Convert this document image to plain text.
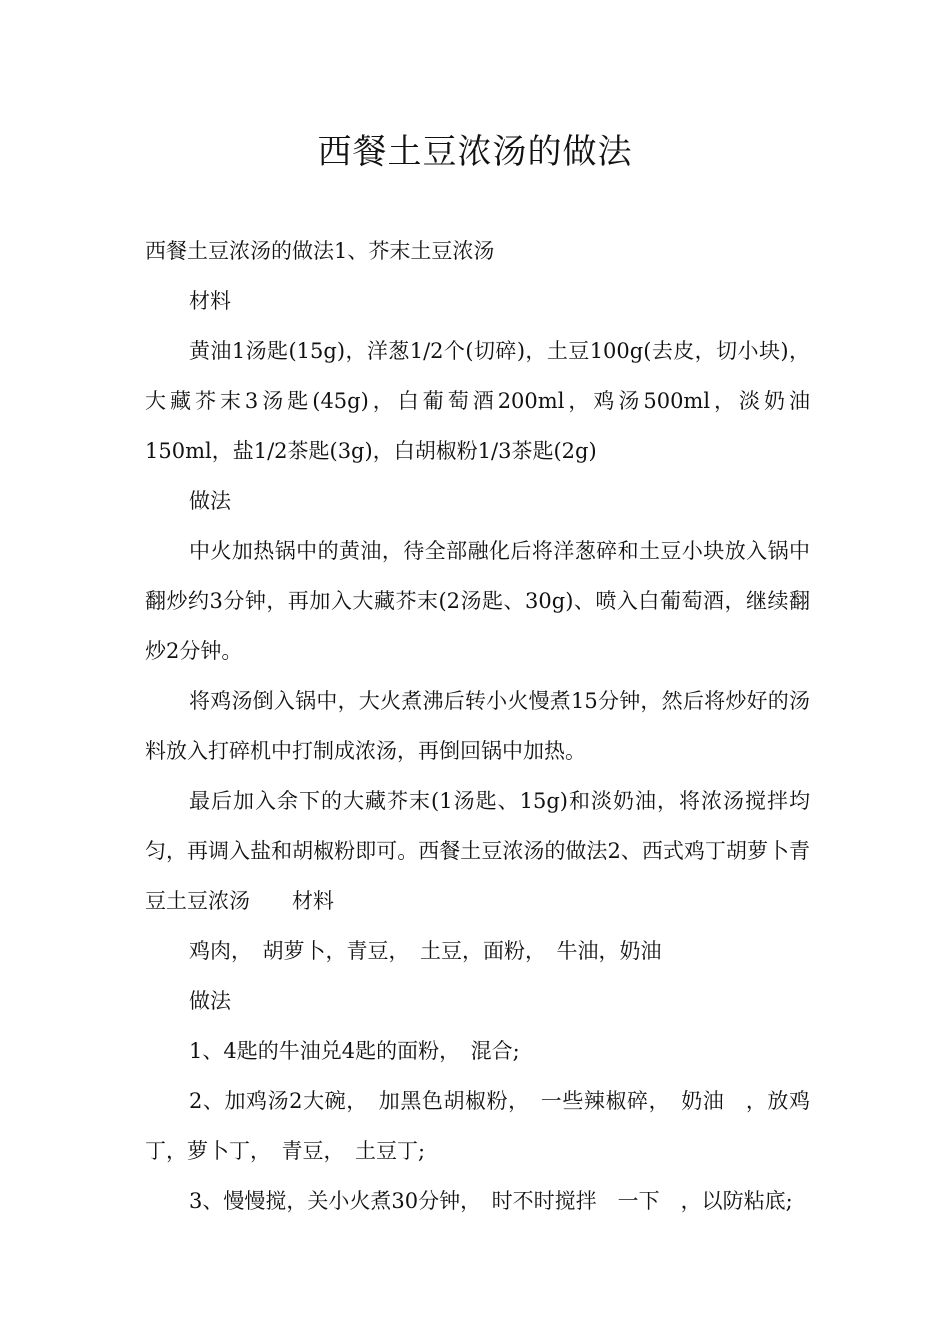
西餐土豆浓汤的做法

西餐土豆浓汤的做法1、芥末土豆浓汤

材料

黄油1汤匙(15g)，洋葱1/2个(切碎)，土豆100g(去皮，切小块)，大藏芥末3汤匙(45g)，白葡萄酒200ml，鸡汤500ml，淡奶油150ml，盐1/2茶匙(3g)，白胡椒粉1/3茶匙(2g)

做法

中火加热锅中的黄油，待全部融化后将洋葱碎和土豆小块放入锅中翻炒约3分钟，再加入大藏芥末(2汤匙、30g)、喷入白葡萄酒，继续翻炒2分钟。

将鸡汤倒入锅中，大火煮沸后转小火慢煮15分钟，然后将炒好的汤料放入打碎机中打制成浓汤，再倒回锅中加热。

最后加入余下的大藏芥末(1汤匙、15g)和淡奶油，将浓汤搅拌均匀，再调入盐和胡椒粉即可。西餐土豆浓汤的做法2、西式鸡丁胡萝卜青豆土豆浓汤　　材料

鸡肉，　胡萝卜，青豆，　土豆，面粉，　牛油，奶油

做法

1、4匙的牛油兑4匙的面粉，　混合;

2、加鸡汤2大碗，　加黑色胡椒粉，　一些辣椒碎，　奶油　，放鸡丁，萝卜丁，　青豆，　土豆丁;

3、慢慢搅，关小火煮30分钟，　时不时搅拌　一下　，以防粘底;
